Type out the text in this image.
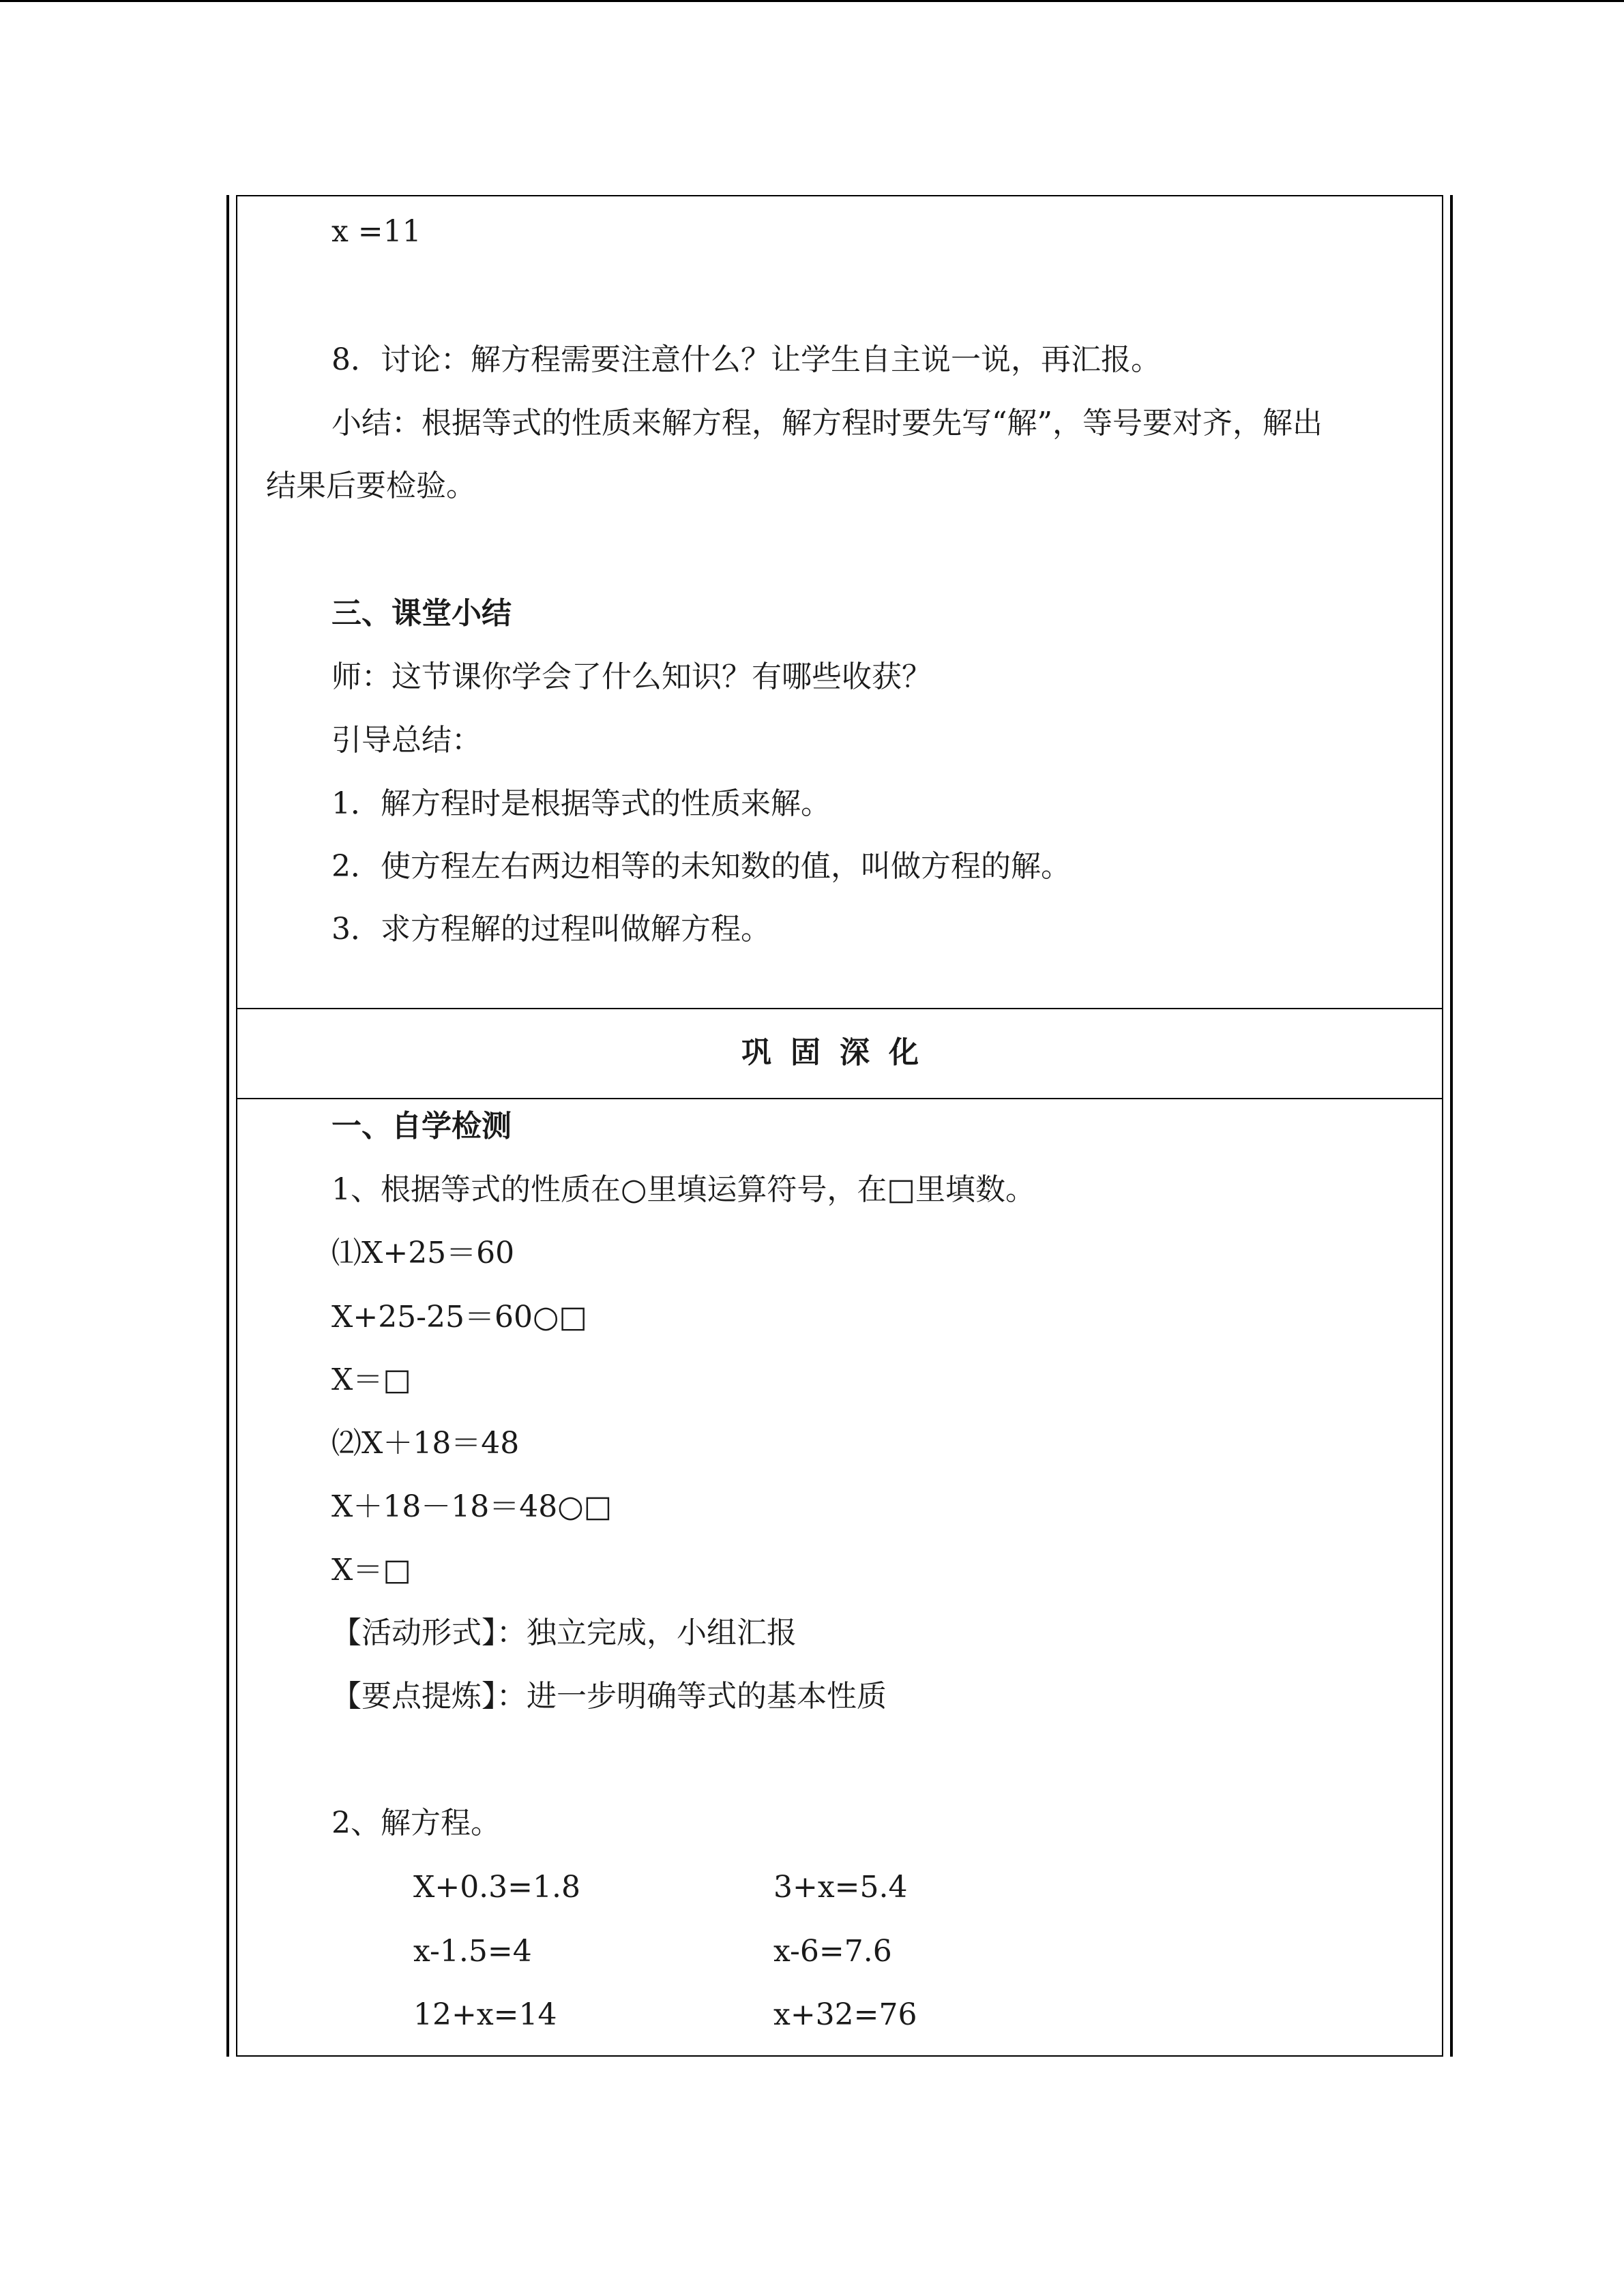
x =11
8．讨论：解方程需要注意什么？让学生自主说一说，再汇报。
小结：根据等式的性质来解方程，解方程时要先写“解”，等号要对齐，解出
结果后要检验。
三、课堂小结
师：这节课你学会了什么知识？有哪些收获？
引导总结：
1．解方程时是根据等式的性质来解。
2．使方程左右两边相等的未知数的值，叫做方程的解。
3．求方程解的过程叫做解方程。
巩固深化
一、自学检测
1、根据等式的性质在○里填运算符号，在□里填数。
⑴X+25＝60
X+25-25＝60○□
X＝□
⑵X＋18＝48
X＋18－18＝48○□
X＝□
【活动形式】：独立完成，小组汇报
【要点提炼】：进一步明确等式的基本性质
2、解方程。
X+0.3=1.8	3+x=5.4
x-1.5=4	x-6=7.6
12+x=14	x+32=76
